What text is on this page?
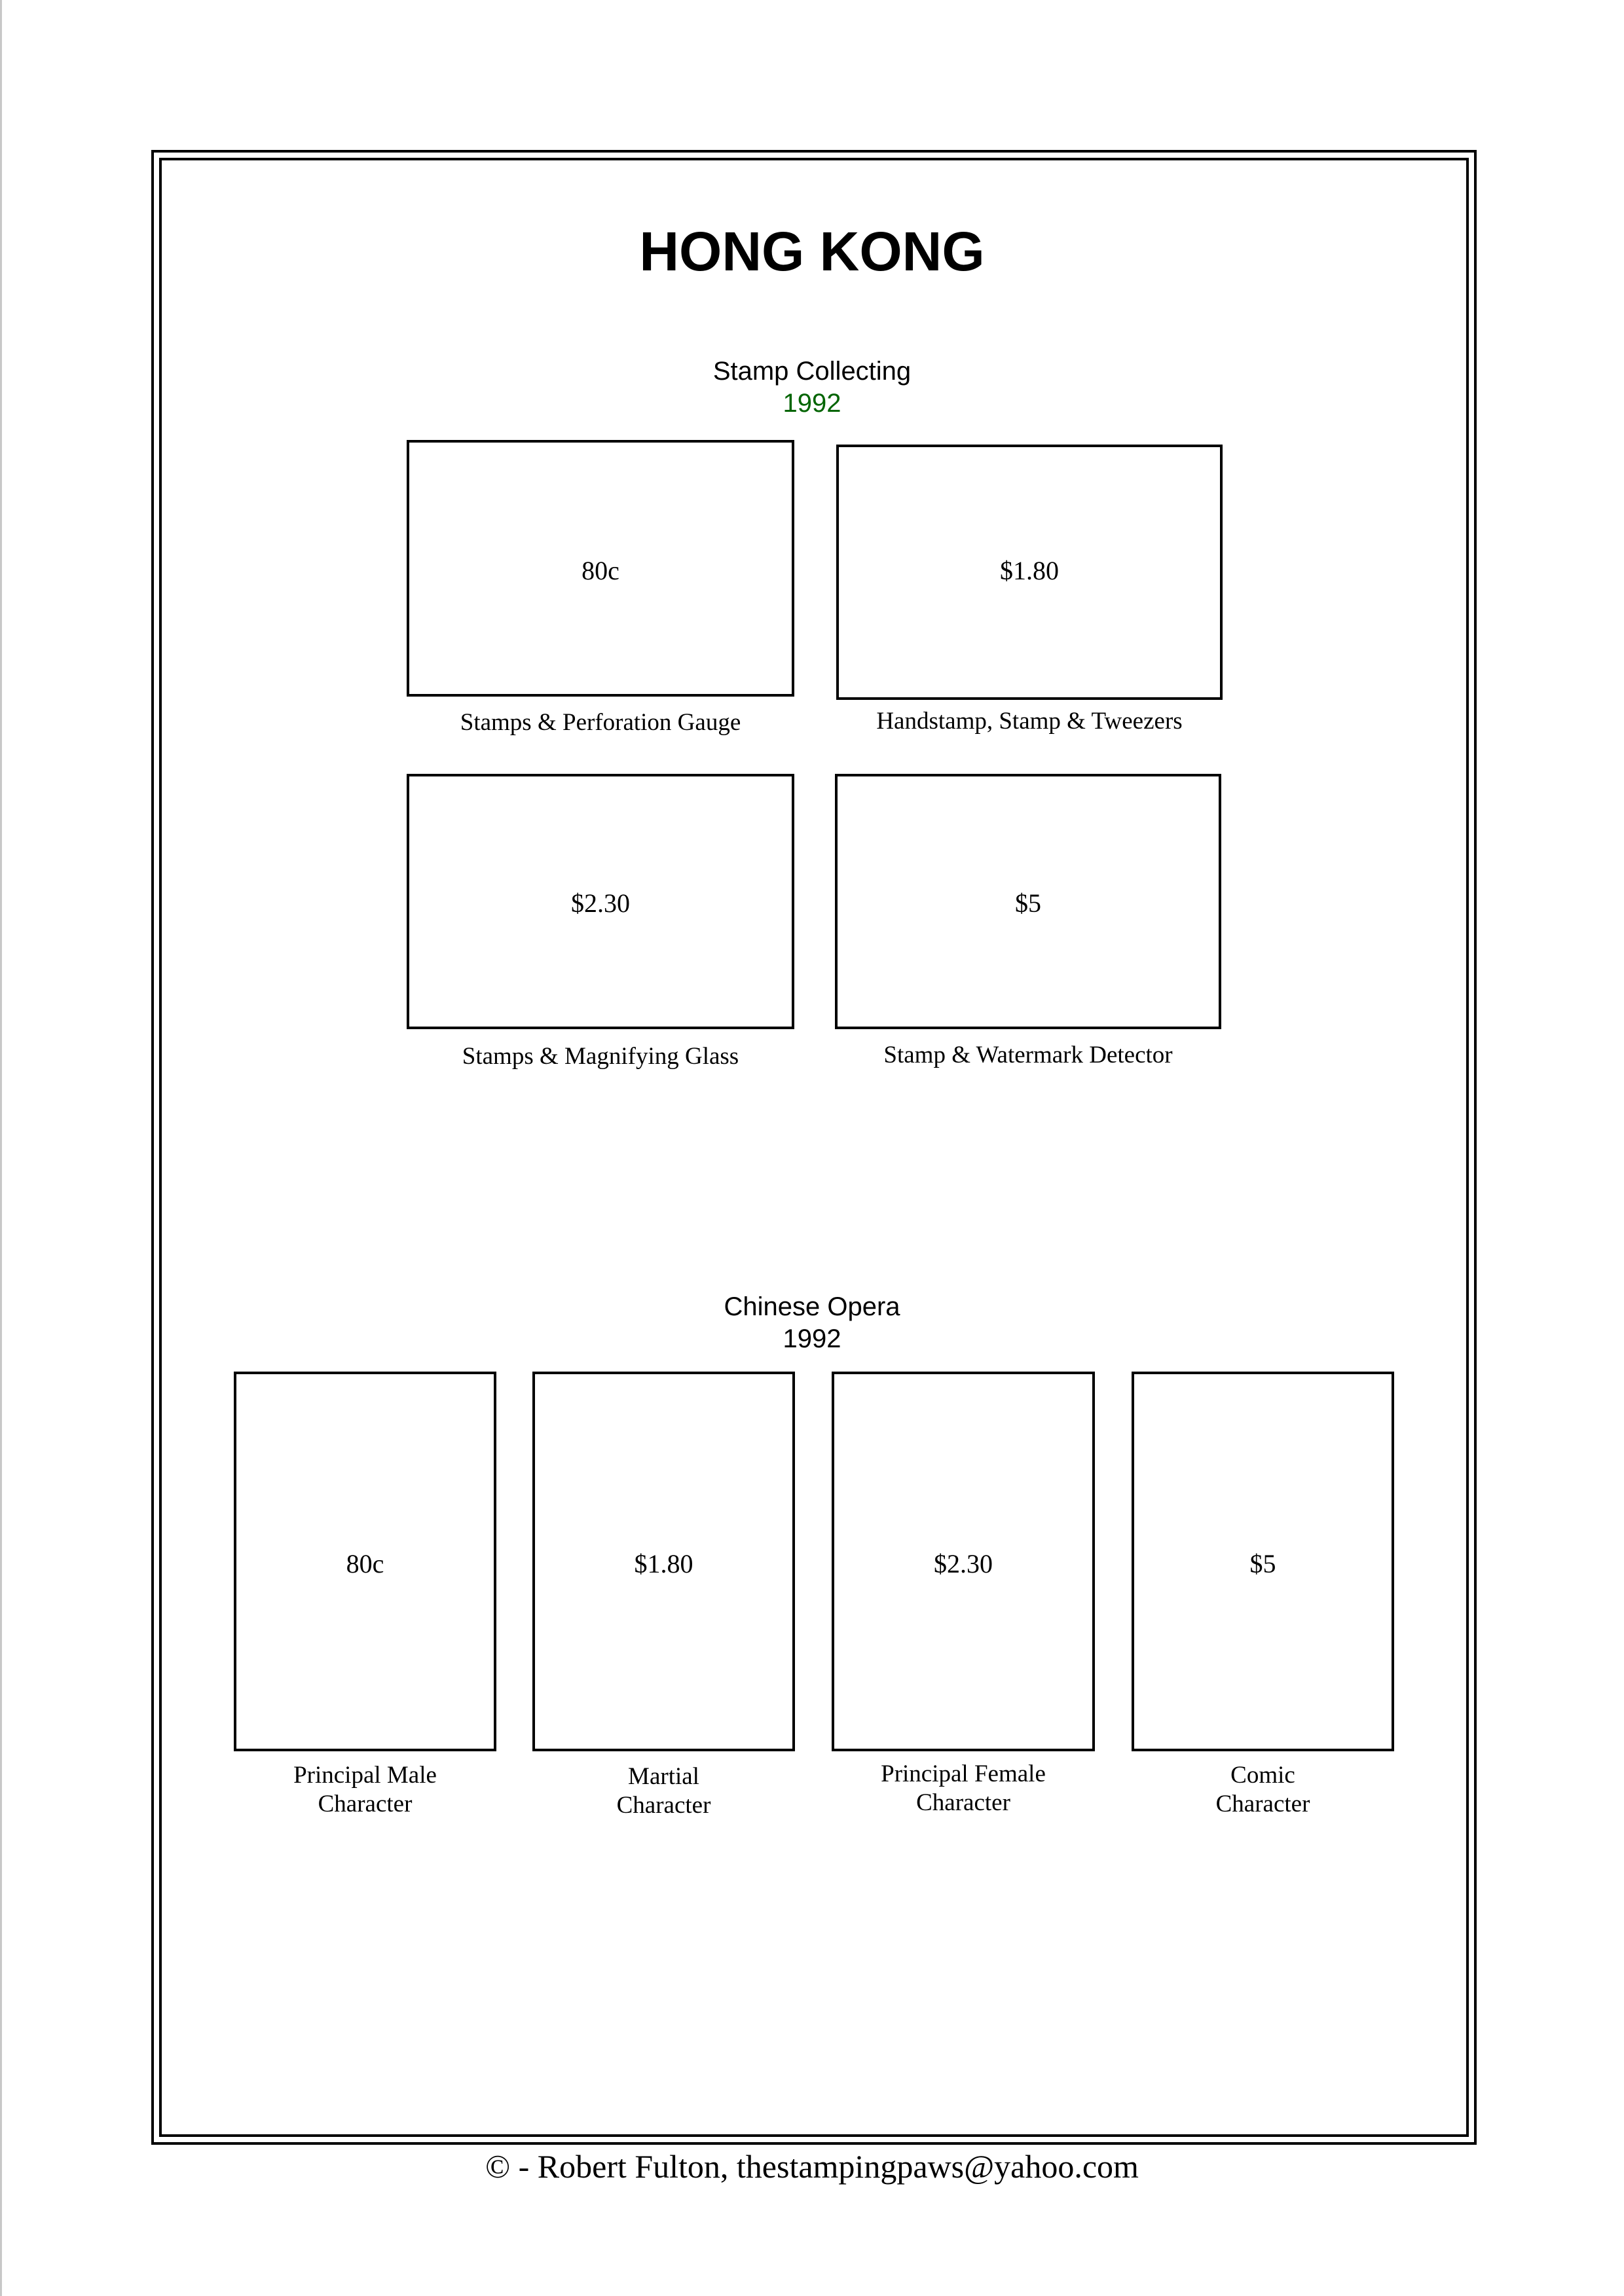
HONG KONG
Stamp Collecting
1992
80c
Stamps & Perforation Gauge
$1.80
Handstamp, Stamp & Tweezers
$2.30
Stamps & Magnifying Glass
$5
Stamp & Watermark Detector
Chinese Opera
1992
80c
Principal Male
Character
$1.80
Martial
Character
$2.30
Principal Female
Character
$5
Comic
Character
© - Robert Fulton, thestampingpaws@yahoo.com
